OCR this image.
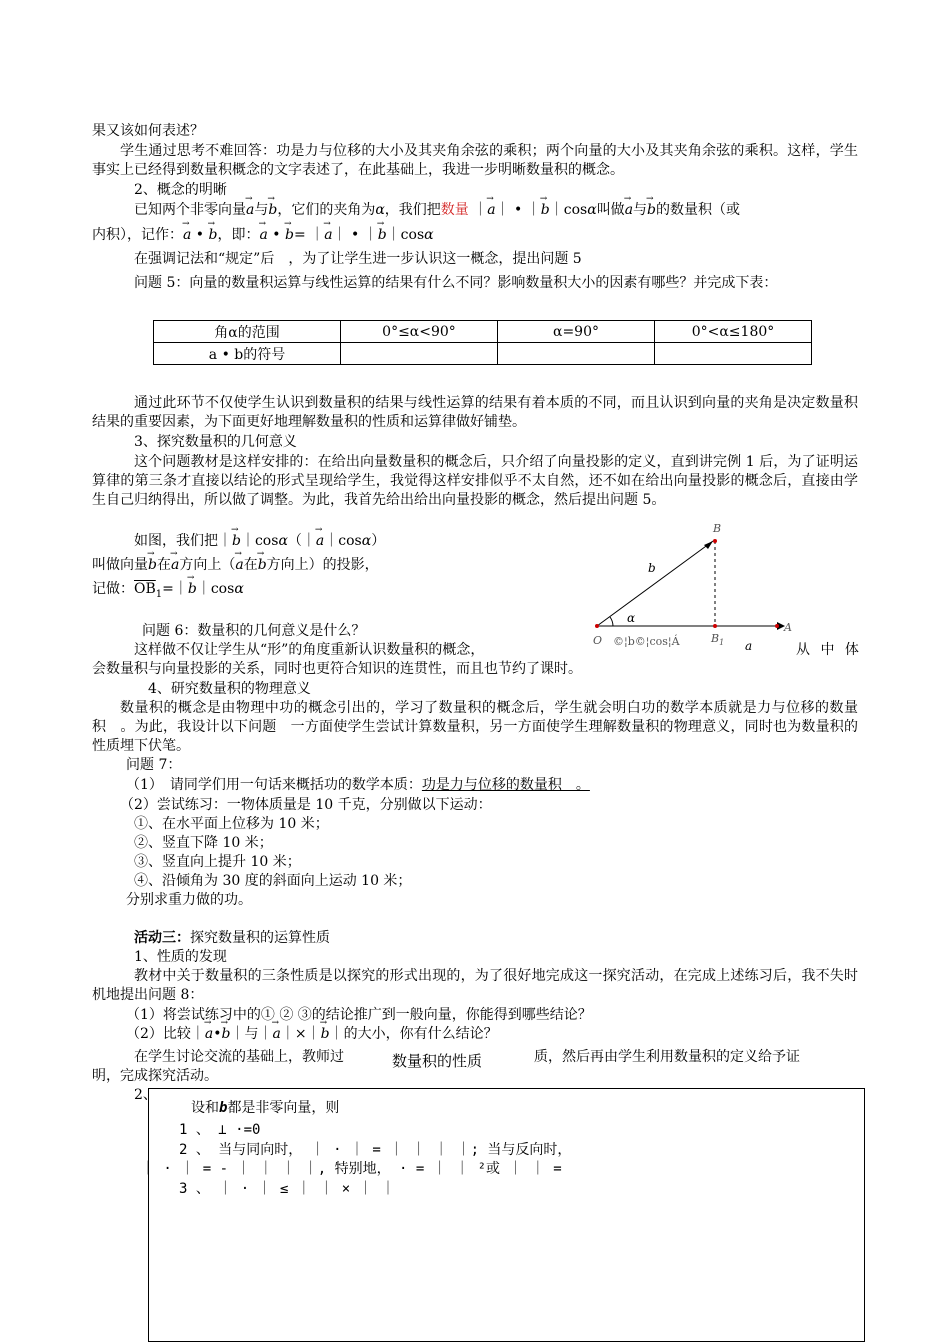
果又该如何表述？
学生通过思考不难回答：功是力与位移的大小及其夹角余弦的乘积；两个向量的大小及其夹角余弦的乘积。这样，学生事实上已经得到数量积概念的文字表述了，在此基础上，我进一步明晰数量积的概念。
2、概念的明晰
已知两个非零向量→ a与→ b，它们的夹角为α，我们把数量 ｜→ a｜ • ｜→ b｜cosα叫做→ a与→ b的数量积（或
内积），记作：→ a • → b，即：→ a • → b= ｜→ a｜ • ｜→ b｜cosα
在强调记法和“规定”后　，为了让学生进一步认识这一概念，提出问题 5
问题 5：向量的数量积运算与线性运算的结果有什么不同？影响数量积大小的因素有哪些？并完成下表：
角α的范围	0°≤α<90°	α=90°	0°<α≤180°
a • b的符号			
通过此环节不仅使学生认识到数量积的结果与线性运算的结果有着本质的不同，而且认识到向量的夹角是决定数量积结果的重要因素，为下面更好地理解数量积的性质和运算律做好铺垫。
3、探究数量积的几何意义
这个问题教材是这样安排的：在给出向量数量积的概念后，只介绍了向量投影的定义，直到讲完例 1 后，为了证明运算律的第三条才直接以结论的形式呈现给学生，我觉得这样安排似乎不太自然，还不如在给出向量投影的概念后，直接由学生自己归纳得出，所以做了调整。为此，我首先给出给出向量投影的概念，然后提出问题 5。
如图，我们把｜→ b｜cosα（｜→ a｜cosα）
叫做向量→ b在→ a方向上（→ a在→ b方向上）的投影，
记做：$\overline{OB}_1=|\to$ b｜cosα
B
b
α
O ©¦b©¦cos¦Á	$B_1$
A
a
问题 6：数量积的几何意义是什么？
这样做不仅让学生从“形”的角度重新认识数量积的概念，	从 中 体
会数量积与向量投影的关系，同时也更符合知识的连贯性，而且也节约了课时。
4、研究数量积的物理意义
数量积的概念是由物理中功的概念引出的，学习了数量积的概念后，学生就会明白功的数学本质就是力与位移的数量积　。为此，我设计以下问题　一方面使学生尝试计算数量积，另一方面使学生理解数量积的物理意义，同时也为数量积的性质埋下伏笔。
问题 7：
（1）　请同学们用一句话来概括功的数学本质：功是力与位移的数量积　。
（2）尝试练习：一物体质量是 10 千克，分别做以下运动：
①、在水平面上位移为 10 米；
②、竖直下降 10 米；
③、竖直向上提升 10 米；
④、沿倾角为 30 度的斜面向上运动 10 米；
分别求重力做的功。
活动三：探究数量积的运算性质
1、性质的发现
教材中关于数量积的三条性质是以探究的形式出现的，为了很好地完成这一探究活动，在完成上述练习后，我不失时机地提出问题 8：
（1）将尝试练习中的① ② ③的结论推广到一般向量，你能得到哪些结论？
（2）比较｜→ a•→ b｜与｜→ a｜×｜→ b｜的大小，你有什么结论？
在学生讨论交流的基础上，教师过	质，然后再由学生利用数量积的定义给予证
明，完成探究活动。
2、
设和b都是非零向量，则
1 、 ⊥ ·=0
2 、 当与同向时， ｜ · ｜ = ｜ ｜ ｜ ｜; 当与反向时，
｜ · ｜ = - ｜ ｜ ｜ ｜, 特别地， · = ｜ ｜ ²或 ｜ ｜ =
3 、 ｜ · ｜ ≤ ｜ ｜ × ｜ ｜
数量积的性质
